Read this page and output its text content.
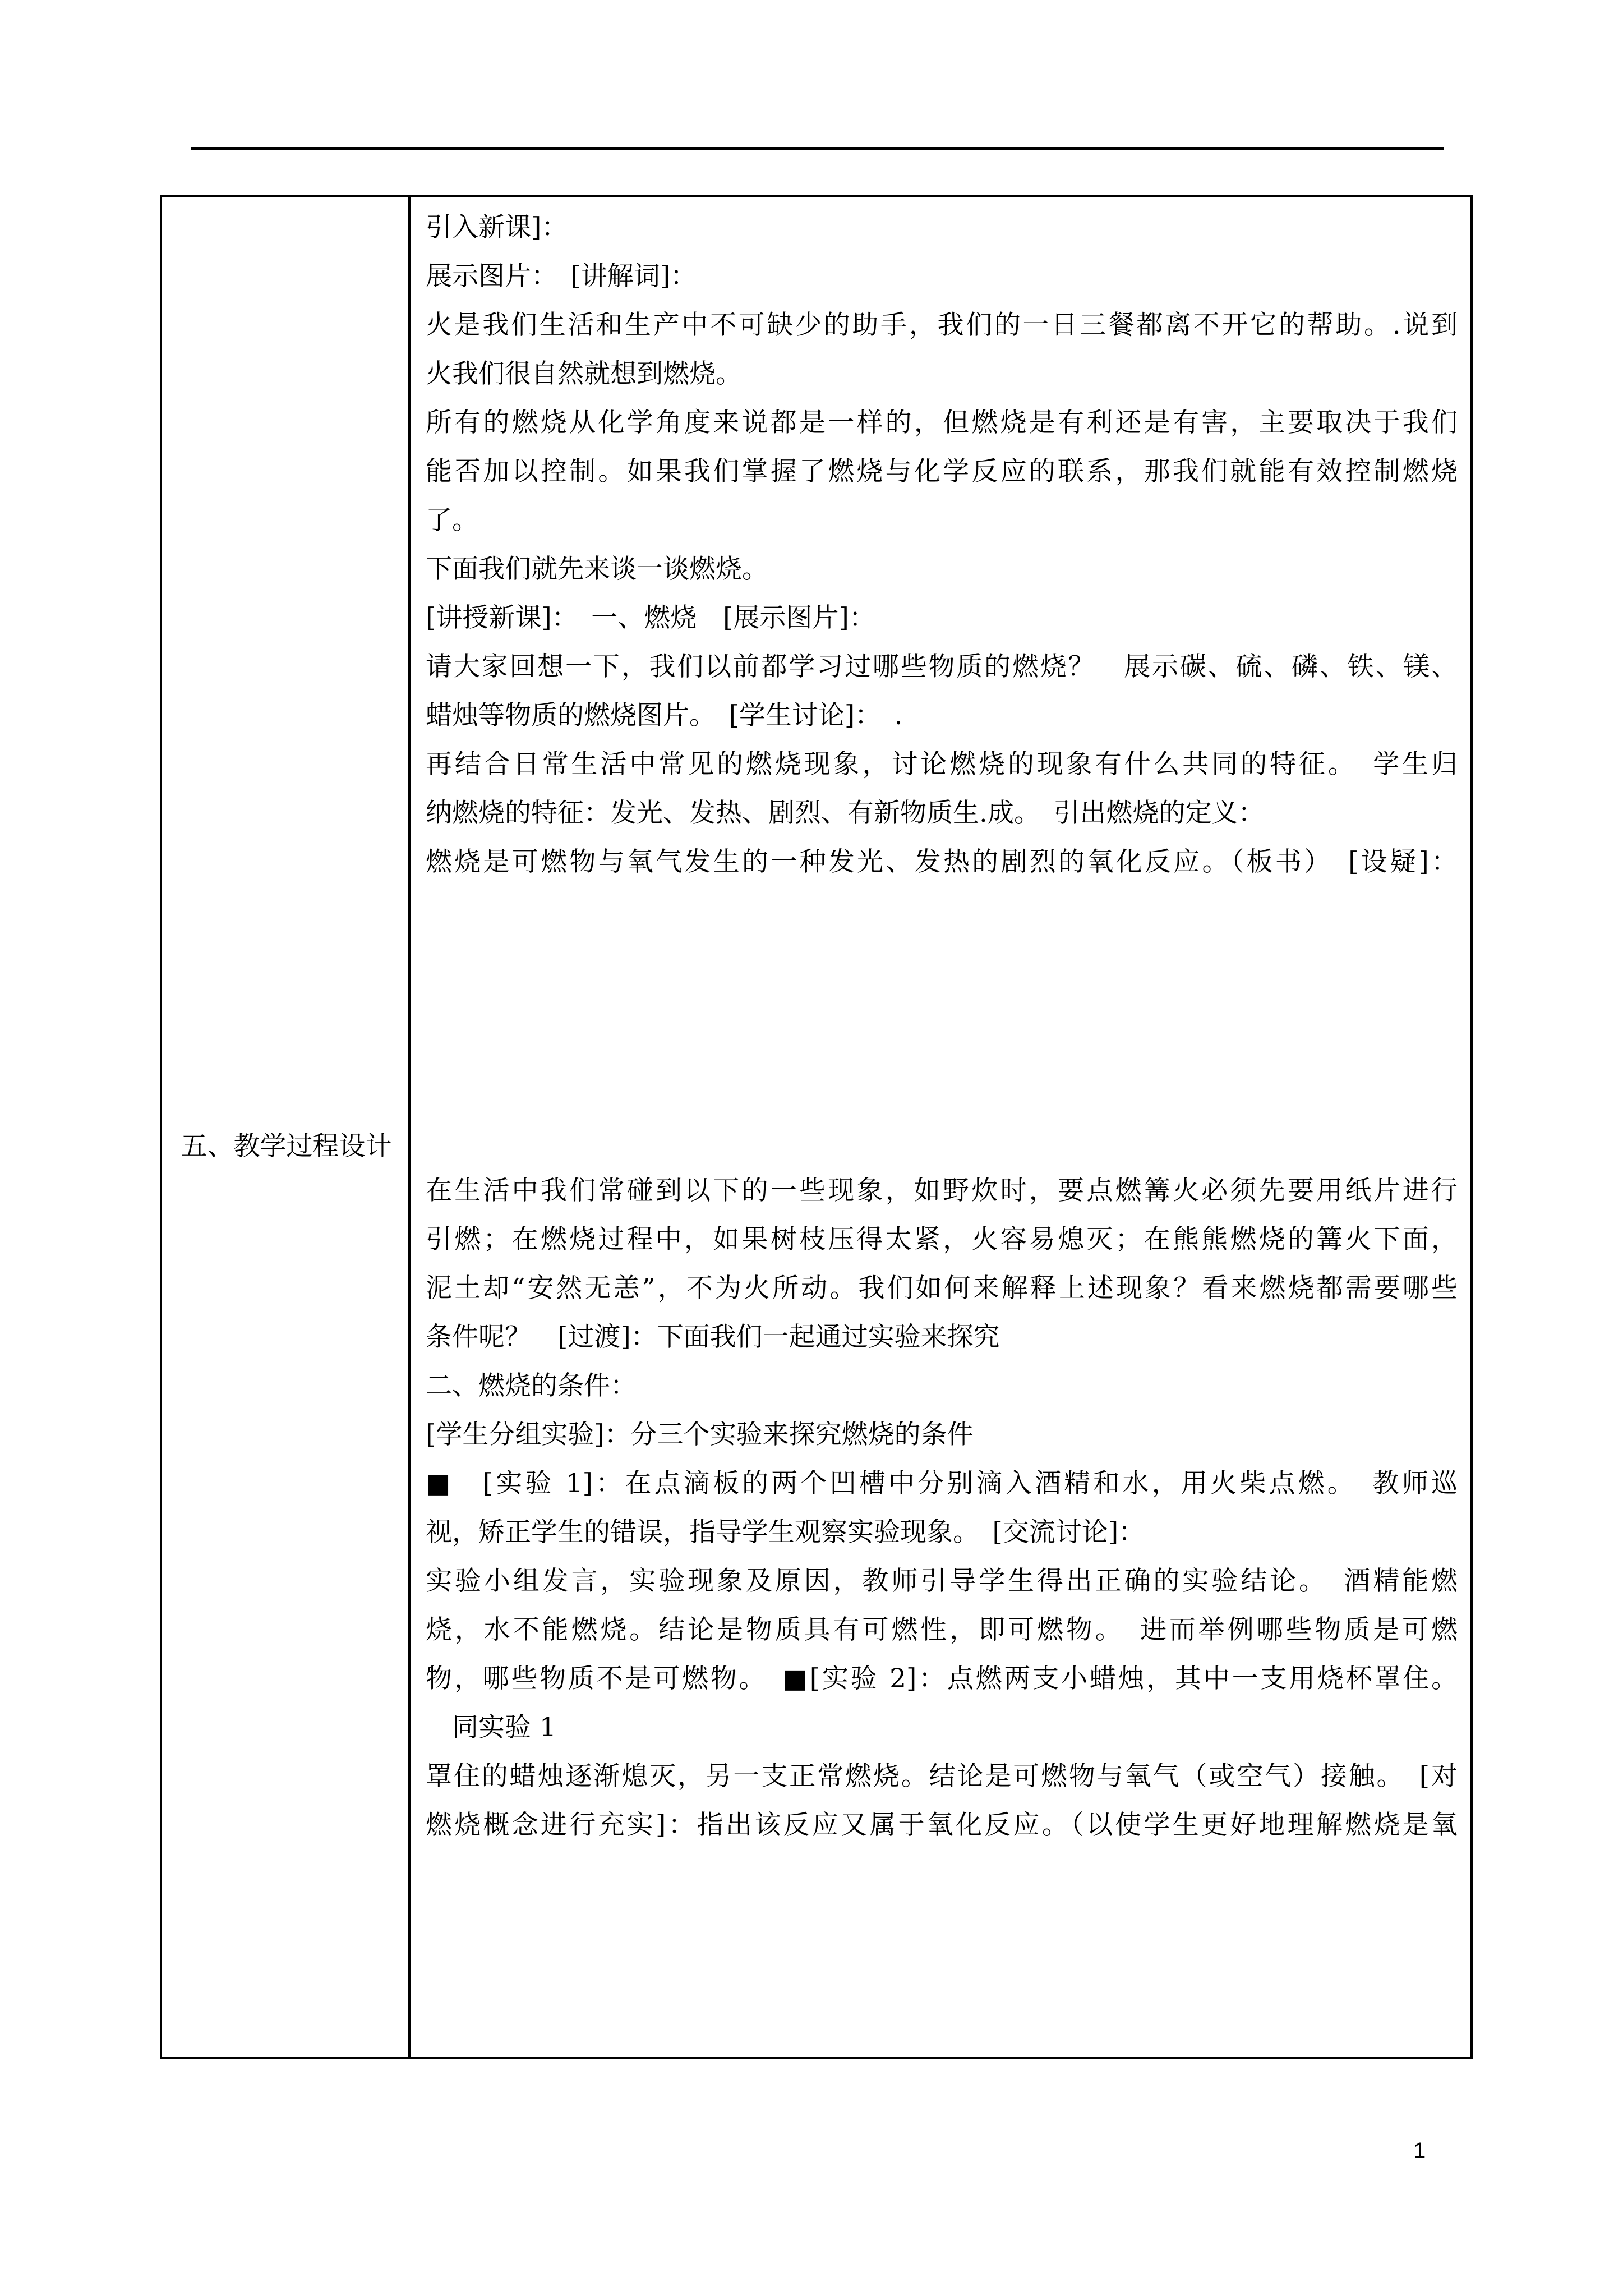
五、教学过程设计
引入新课]：
展示图片：　[讲解词]：
火是我们生活和生产中不可缺少的助手，我们的一日三餐都离不开它的帮助。.说到
火我们很自然就想到燃烧。
所有的燃烧从化学角度来说都是一样的，但燃烧是有利还是有害，主要取决于我们
能否加以控制。如果我们掌握了燃烧与化学反应的联系，那我们就能有效控制燃烧
了。
下面我们就先来谈一谈燃烧。
[讲授新课]：　一、燃烧　[展示图片]：
请大家回想一下，我们以前都学习过哪些物质的燃烧？　展示碳、硫、磷、铁、镁、
蜡烛等物质的燃烧图片。　[学生讨论]：　.
再结合日常生活中常见的燃烧现象，讨论燃烧的现象有什么共同的特征。　学生归
纳燃烧的特征：发光、发热、剧烈、有新物质生.成。　引出燃烧的定义：
燃烧是可燃物与氧气发生的一种发光、发热的剧烈的氧化反应。（板书）　[设疑]：
在生活中我们常碰到以下的一些现象，如野炊时，要点燃篝火必须先要用纸片进行
引燃；在燃烧过程中，如果树枝压得太紧，火容易熄灭；在熊熊燃烧的篝火下面，
泥土却“安然无恙”，不为火所动。我们如何来解释上述现象？看来燃烧都需要哪些
条件呢？　[过渡]：下面我们一起通过实验来探究
二、燃烧的条件：
[学生分组实验]：分三个实验来探究燃烧的条件
■　[实验 1]：在点滴板的两个凹槽中分别滴入酒精和水，用火柴点燃。　教师巡
视，矫正学生的错误，指导学生观察实验现象。　[交流讨论]：
实验小组发言，实验现象及原因，教师引导学生得出正确的实验结论。　酒精能燃
烧，水不能燃烧。结论是物质具有可燃性，即可燃物。　进而举例哪些物质是可燃
物，哪些物质不是可燃物。　■[实验 2]：点燃两支小蜡烛，其中一支用烧杯罩住。
　同实验 1
罩住的蜡烛逐渐熄灭，另一支正常燃烧。结论是可燃物与氧气（或空气）接触。　[对
燃烧概念进行充实]：指出该反应又属于氧化反应。（以使学生更好地理解燃烧是氧
1
